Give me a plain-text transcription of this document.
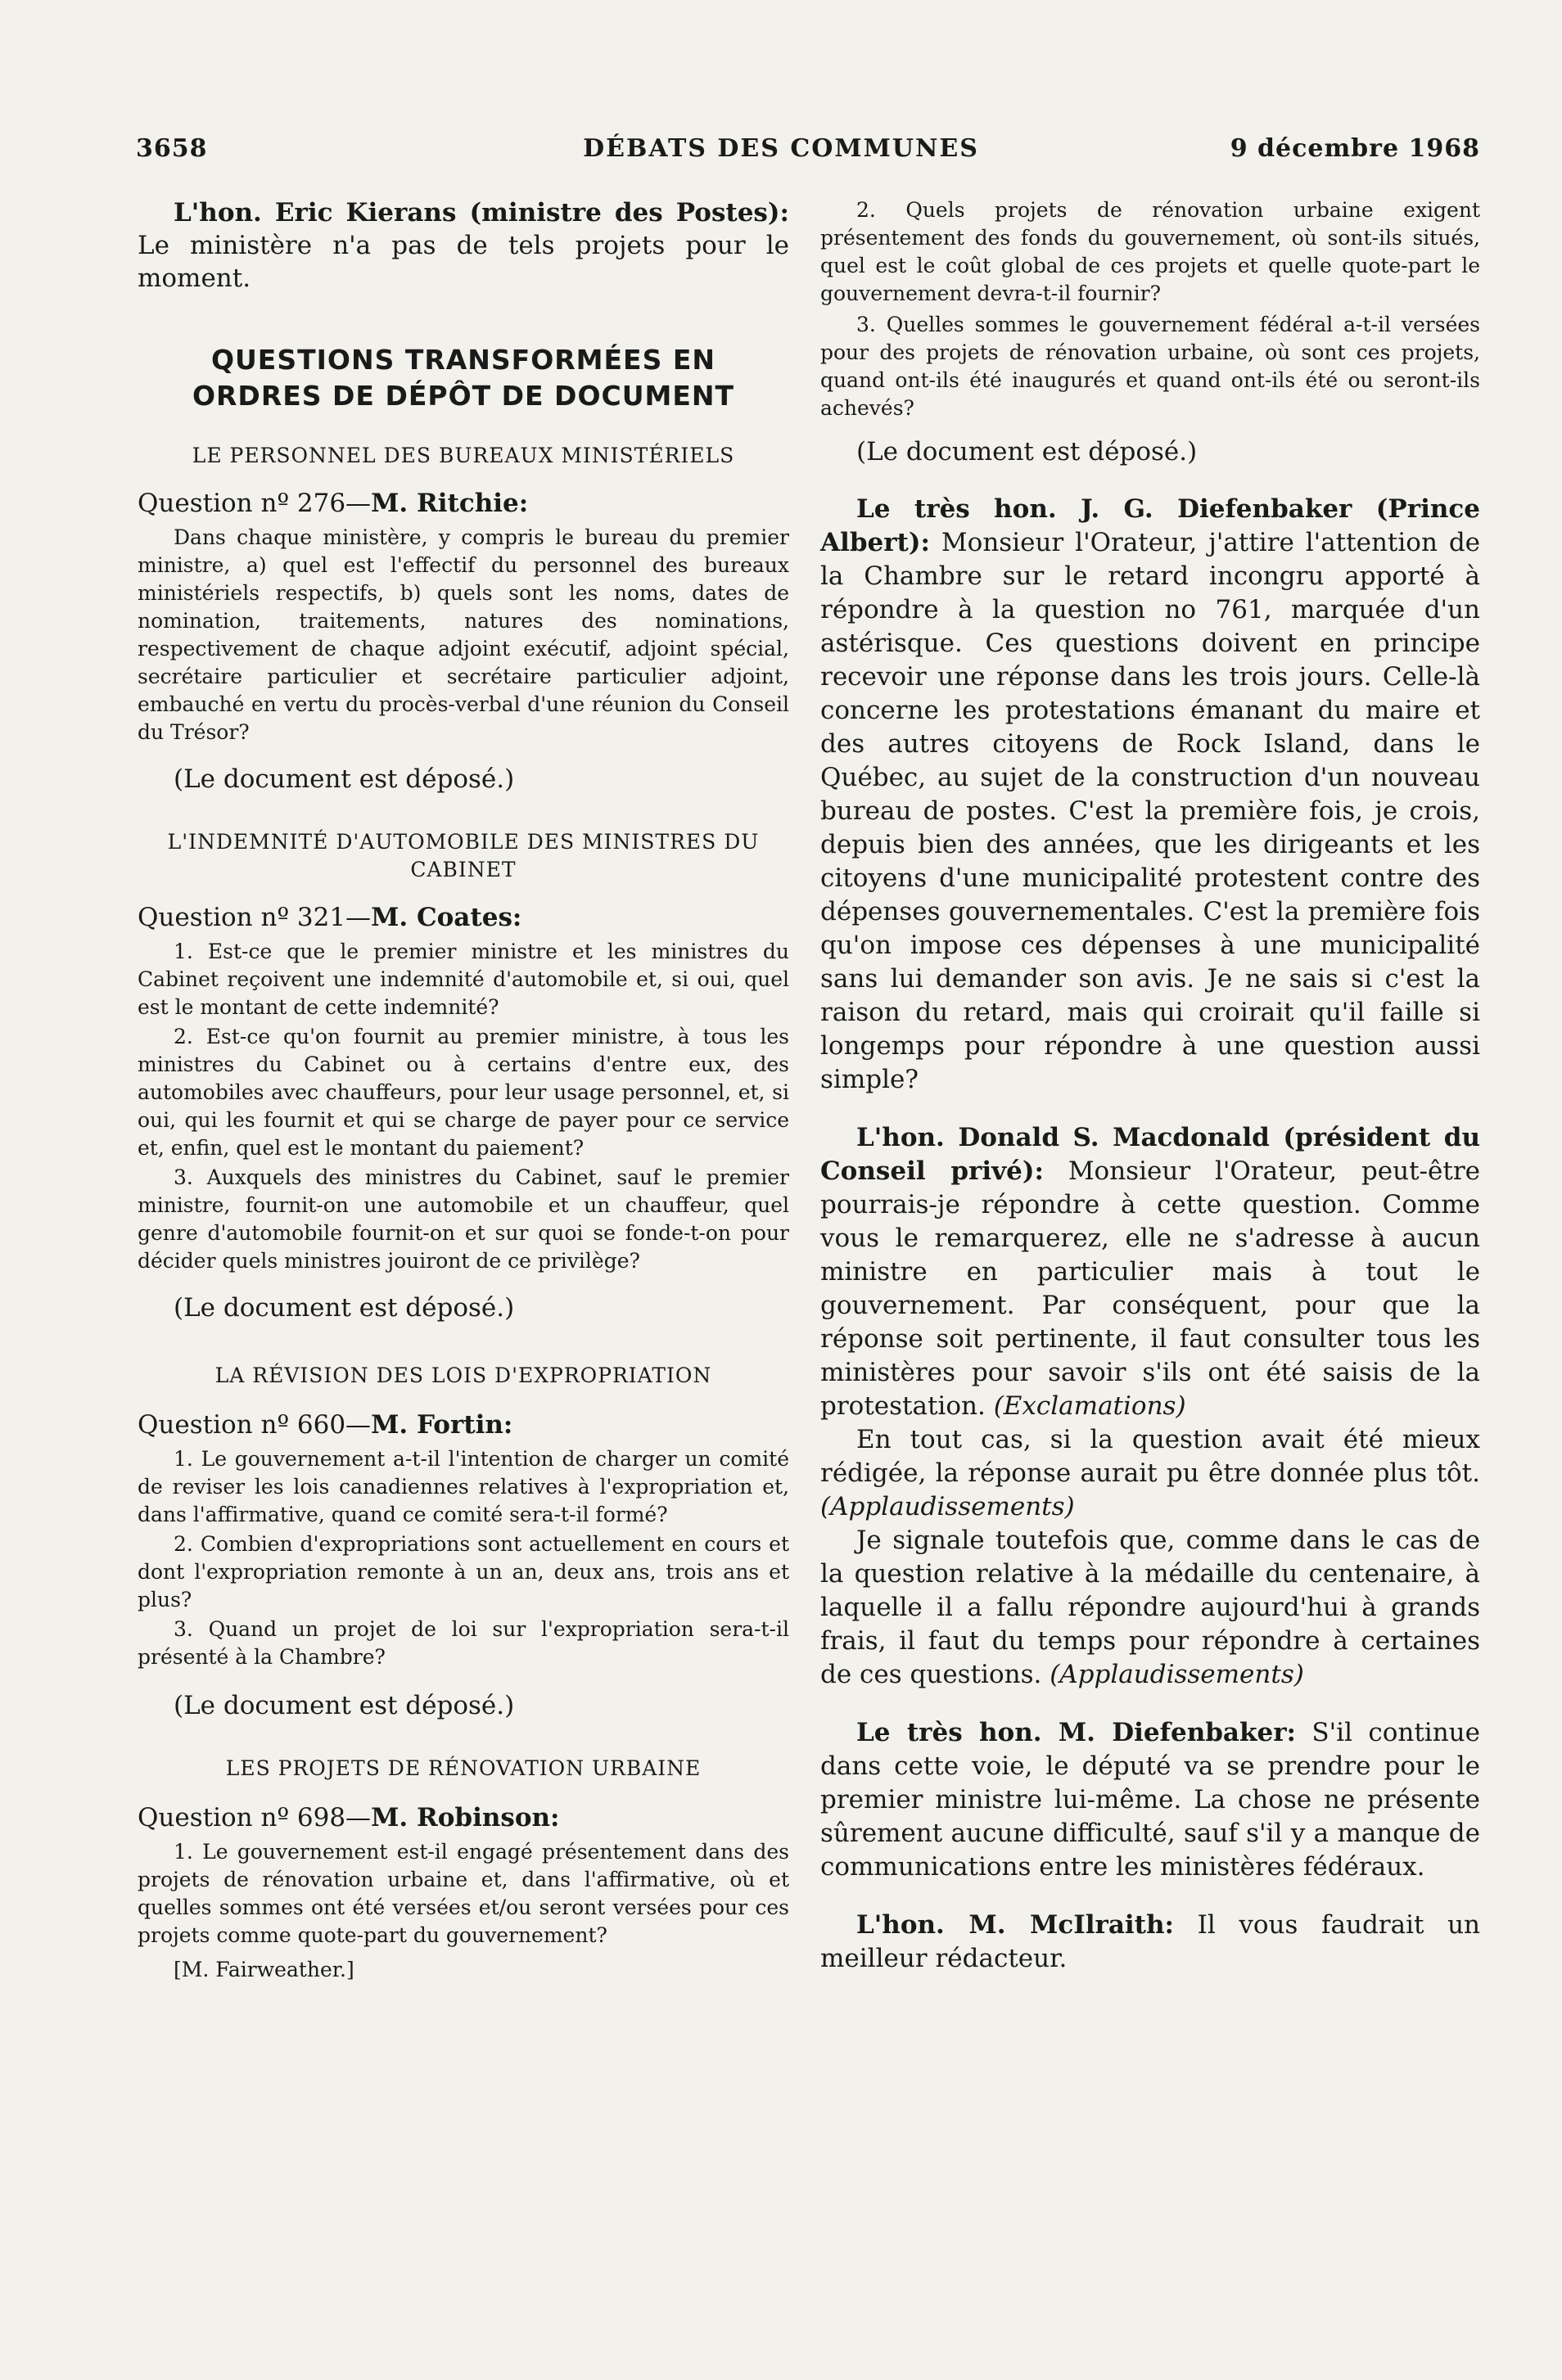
3658	DÉBATS DES COMMUNES	9 décembre 1968

L'hon. Eric Kierans (ministre des Postes): Le ministère n'a pas de tels projets pour le moment.

QUESTIONS TRANSFORMÉES EN ORDRES DE DÉPÔT DE DOCUMENT

LE PERSONNEL DES BUREAUX MINISTÉRIELS

Question nº 276—M. Ritchie:

Dans chaque ministère, y compris le bureau du premier ministre, a) quel est l'effectif du personnel des bureaux ministériels respectifs, b) quels sont les noms, dates de nomination, traitements, natures des nominations, respectivement de chaque adjoint exécutif, adjoint spécial, secrétaire particulier et secrétaire particulier adjoint, embauché en vertu du procès-verbal d'une réunion du Conseil du Trésor?

(Le document est déposé.)

L'INDEMNITÉ D'AUTOMOBILE DES MINISTRES DU CABINET

Question nº 321—M. Coates:

1. Est-ce que le premier ministre et les ministres du Cabinet reçoivent une indemnité d'automobile et, si oui, quel est le montant de cette indemnité?

2. Est-ce qu'on fournit au premier ministre, à tous les ministres du Cabinet ou à certains d'entre eux, des automobiles avec chauffeurs, pour leur usage personnel, et, si oui, qui les fournit et qui se charge de payer pour ce service et, enfin, quel est le montant du paiement?

3. Auxquels des ministres du Cabinet, sauf le premier ministre, fournit-on une automobile et un chauffeur, quel genre d'automobile fournit-on et sur quoi se fonde-t-on pour décider quels ministres jouiront de ce privilège?

(Le document est déposé.)

LA RÉVISION DES LOIS D'EXPROPRIATION

Question nº 660—M. Fortin:

1. Le gouvernement a-t-il l'intention de charger un comité de reviser les lois canadiennes relatives à l'expropriation et, dans l'affirmative, quand ce comité sera-t-il formé?

2. Combien d'expropriations sont actuellement en cours et dont l'expropriation remonte à un an, deux ans, trois ans et plus?

3. Quand un projet de loi sur l'expropriation sera-t-il présenté à la Chambre?

(Le document est déposé.)

LES PROJETS DE RÉNOVATION URBAINE

Question nº 698—M. Robinson:

1. Le gouvernement est-il engagé présentement dans des projets de rénovation urbaine et, dans l'affirmative, où et quelles sommes ont été versées et/ou seront versées pour ces projets comme quote-part du gouvernement?

[M. Fairweather.]

2. Quels projets de rénovation urbaine exigent présentement des fonds du gouvernement, où sont-ils situés, quel est le coût global de ces projets et quelle quote-part le gouvernement devra-t-il fournir?

3. Quelles sommes le gouvernement fédéral a-t-il versées pour des projets de rénovation urbaine, où sont ces projets, quand ont-ils été inaugurés et quand ont-ils été ou seront-ils achevés?

(Le document est déposé.)

Le très hon. J. G. Diefenbaker (Prince Albert): Monsieur l'Orateur, j'attire l'attention de la Chambre sur le retard incongru apporté à répondre à la question no 761, marquée d'un astérisque. Ces questions doivent en principe recevoir une réponse dans les trois jours. Celle-là concerne les protestations émanant du maire et des autres citoyens de Rock Island, dans le Québec, au sujet de la construction d'un nouveau bureau de postes. C'est la première fois, je crois, depuis bien des années, que les dirigeants et les citoyens d'une municipalité protestent contre des dépenses gouvernementales. C'est la première fois qu'on impose ces dépenses à une municipalité sans lui demander son avis. Je ne sais si c'est la raison du retard, mais qui croirait qu'il faille si longemps pour répondre à une question aussi simple?

L'hon. Donald S. Macdonald (président du Conseil privé): Monsieur l'Orateur, peut-être pourrais-je répondre à cette question. Comme vous le remarquerez, elle ne s'adresse à aucun ministre en particulier mais à tout le gouvernement. Par conséquent, pour que la réponse soit pertinente, il faut consulter tous les ministères pour savoir s'ils ont été saisis de la protestation. (Exclamations)

En tout cas, si la question avait été mieux rédigée, la réponse aurait pu être donnée plus tôt. (Applaudissements)

Je signale toutefois que, comme dans le cas de la question relative à la médaille du centenaire, à laquelle il a fallu répondre aujourd'hui à grands frais, il faut du temps pour répondre à certaines de ces questions. (Applaudissements)

Le très hon. M. Diefenbaker: S'il continue dans cette voie, le député va se prendre pour le premier ministre lui-même. La chose ne présente sûrement aucune difficulté, sauf s'il y a manque de communications entre les ministères fédéraux.

L'hon. M. McIlraith: Il vous faudrait un meilleur rédacteur.
